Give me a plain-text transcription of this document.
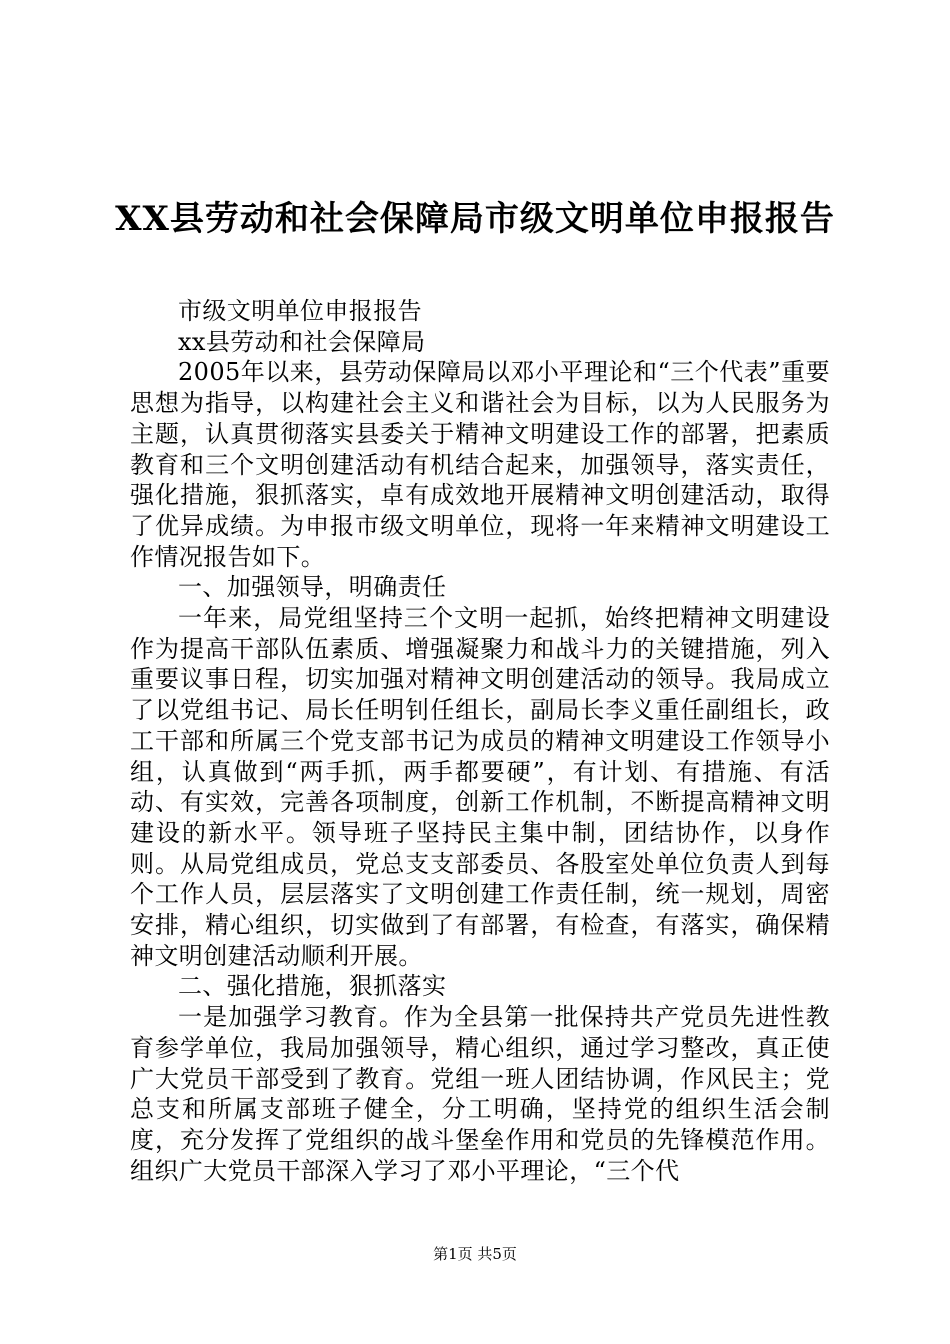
XX县劳动和社会保障局市级文明单位申报报告

市级文明单位申报报告

xx县劳动和社会保障局

2005年以来，县劳动保障局以邓小平理论和“三个代表”重要思想为指导，以构建社会主义和谐社会为目标，以为人民服务为主题，认真贯彻落实县委关于精神文明建设工作的部署，把素质教育和三个文明创建活动有机结合起来，加强领导，落实责任，强化措施，狠抓落实，卓有成效地开展精神文明创建活动，取得了优异成绩。为申报市级文明单位，现将一年来精神文明建设工作情况报告如下。

一、加强领导，明确责任

一年来，局党组坚持三个文明一起抓，始终把精神文明建设作为提高干部队伍素质、增强凝聚力和战斗力的关键措施，列入重要议事日程，切实加强对精神文明创建活动的领导。我局成立了以党组书记、局长任明钊任组长，副局长李义重任副组长，政工干部和所属三个党支部书记为成员的精神文明建设工作领导小组，认真做到“两手抓，两手都要硬”，有计划、有措施、有活动、有实效，完善各项制度，创新工作机制，不断提高精神文明建设的新水平。领导班子坚持民主集中制，团结协作，以身作则。从局党组成员，党总支支部委员、各股室处单位负责人到每个工作人员，层层落实了文明创建工作责任制，统一规划，周密安排，精心组织，切实做到了有部署，有检查，有落实，确保精神文明创建活动顺利开展。

二、强化措施，狠抓落实

一是加强学习教育。作为全县第一批保持共产党员先进性教育参学单位，我局加强领导，精心组织，通过学习整改，真正使广大党员干部受到了教育。党组一班人团结协调，作风民主；党总支和所属支部班子健全，分工明确，坚持党的组织生活会制度，充分发挥了党组织的战斗堡垒作用和党员的先锋模范作用。组织广大党员干部深入学习了邓小平理论，“三个代

第1页 共5页
